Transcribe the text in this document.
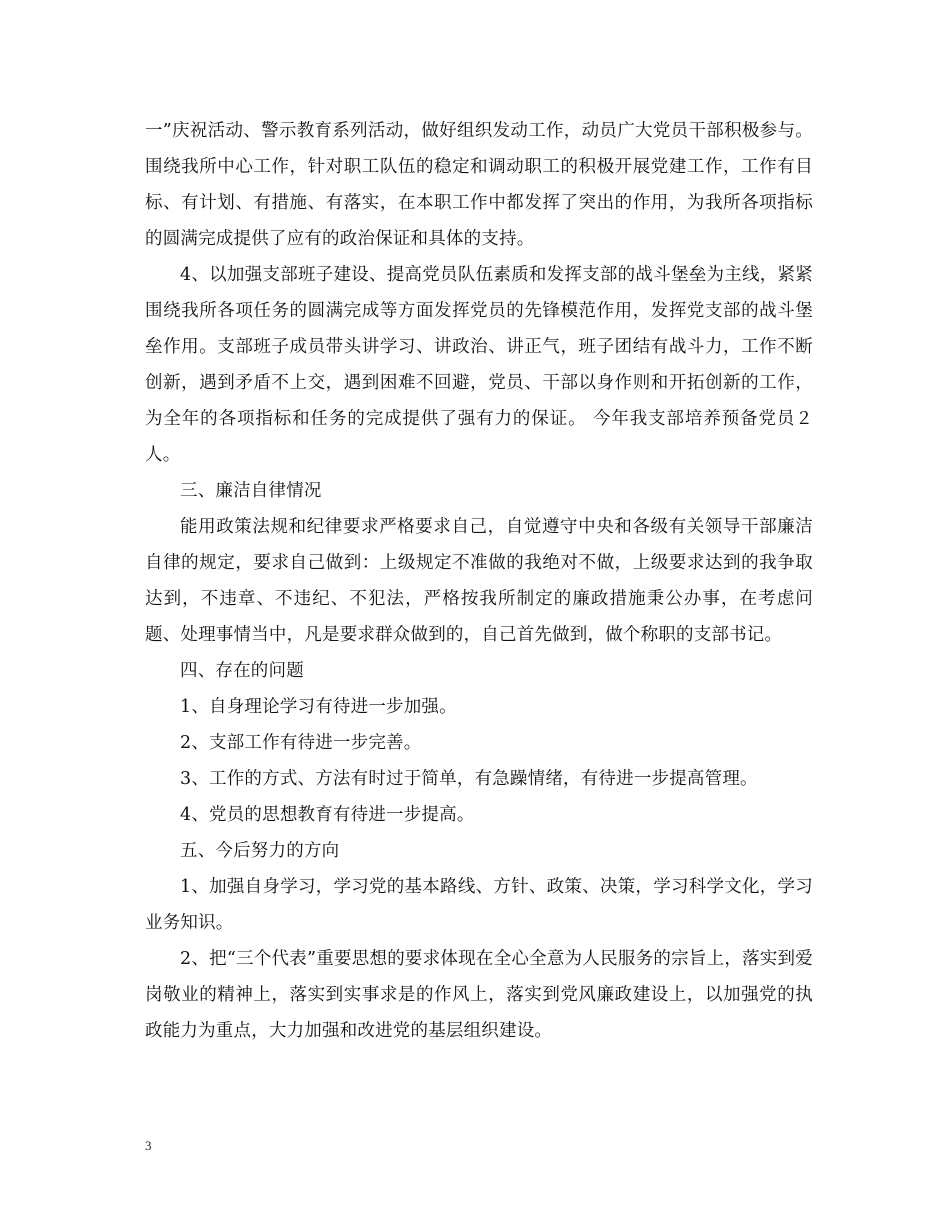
一”庆祝活动、警示教育系列活动，做好组织发动工作，动员广大党员干部积极参与。围绕我所中心工作，针对职工队伍的稳定和调动职工的积极开展党建工作，工作有目标、有计划、有措施、有落实，在本职工作中都发挥了突出的作用，为我所各项指标的圆满完成提供了应有的政治保证和具体的支持。

4、以加强支部班子建设、提高党员队伍素质和发挥支部的战斗堡垒为主线，紧紧围绕我所各项任务的圆满完成等方面发挥党员的先锋模范作用，发挥党支部的战斗堡垒作用。支部班子成员带头讲学习、讲政治、讲正气，班子团结有战斗力，工作不断创新，遇到矛盾不上交，遇到困难不回避，党员、干部以身作则和开拓创新的工作，为全年的各项指标和任务的完成提供了强有力的保证。 今年我支部培养预备党员２人。

三、廉洁自律情况

能用政策法规和纪律要求严格要求自己，自觉遵守中央和各级有关领导干部廉洁自律的规定，要求自己做到：上级规定不准做的我绝对不做，上级要求达到的我争取达到，不违章、不违纪、不犯法，严格按我所制定的廉政措施秉公办事，在考虑问题、处理事情当中，凡是要求群众做到的，自己首先做到，做个称职的支部书记。

四、存在的问题

1、自身理论学习有待进一步加强。

2、支部工作有待进一步完善。

3、工作的方式、方法有时过于简单，有急躁情绪，有待进一步提高管理。

4、党员的思想教育有待进一步提高。

五、今后努力的方向

1、加强自身学习，学习党的基本路线、方针、政策、决策，学习科学文化，学习业务知识。

2、把“三个代表”重要思想的要求体现在全心全意为人民服务的宗旨上，落实到爱岗敬业的精神上，落实到实事求是的作风上，落实到党风廉政建设上，以加强党的执政能力为重点，大力加强和改进党的基层组织建设。

3
